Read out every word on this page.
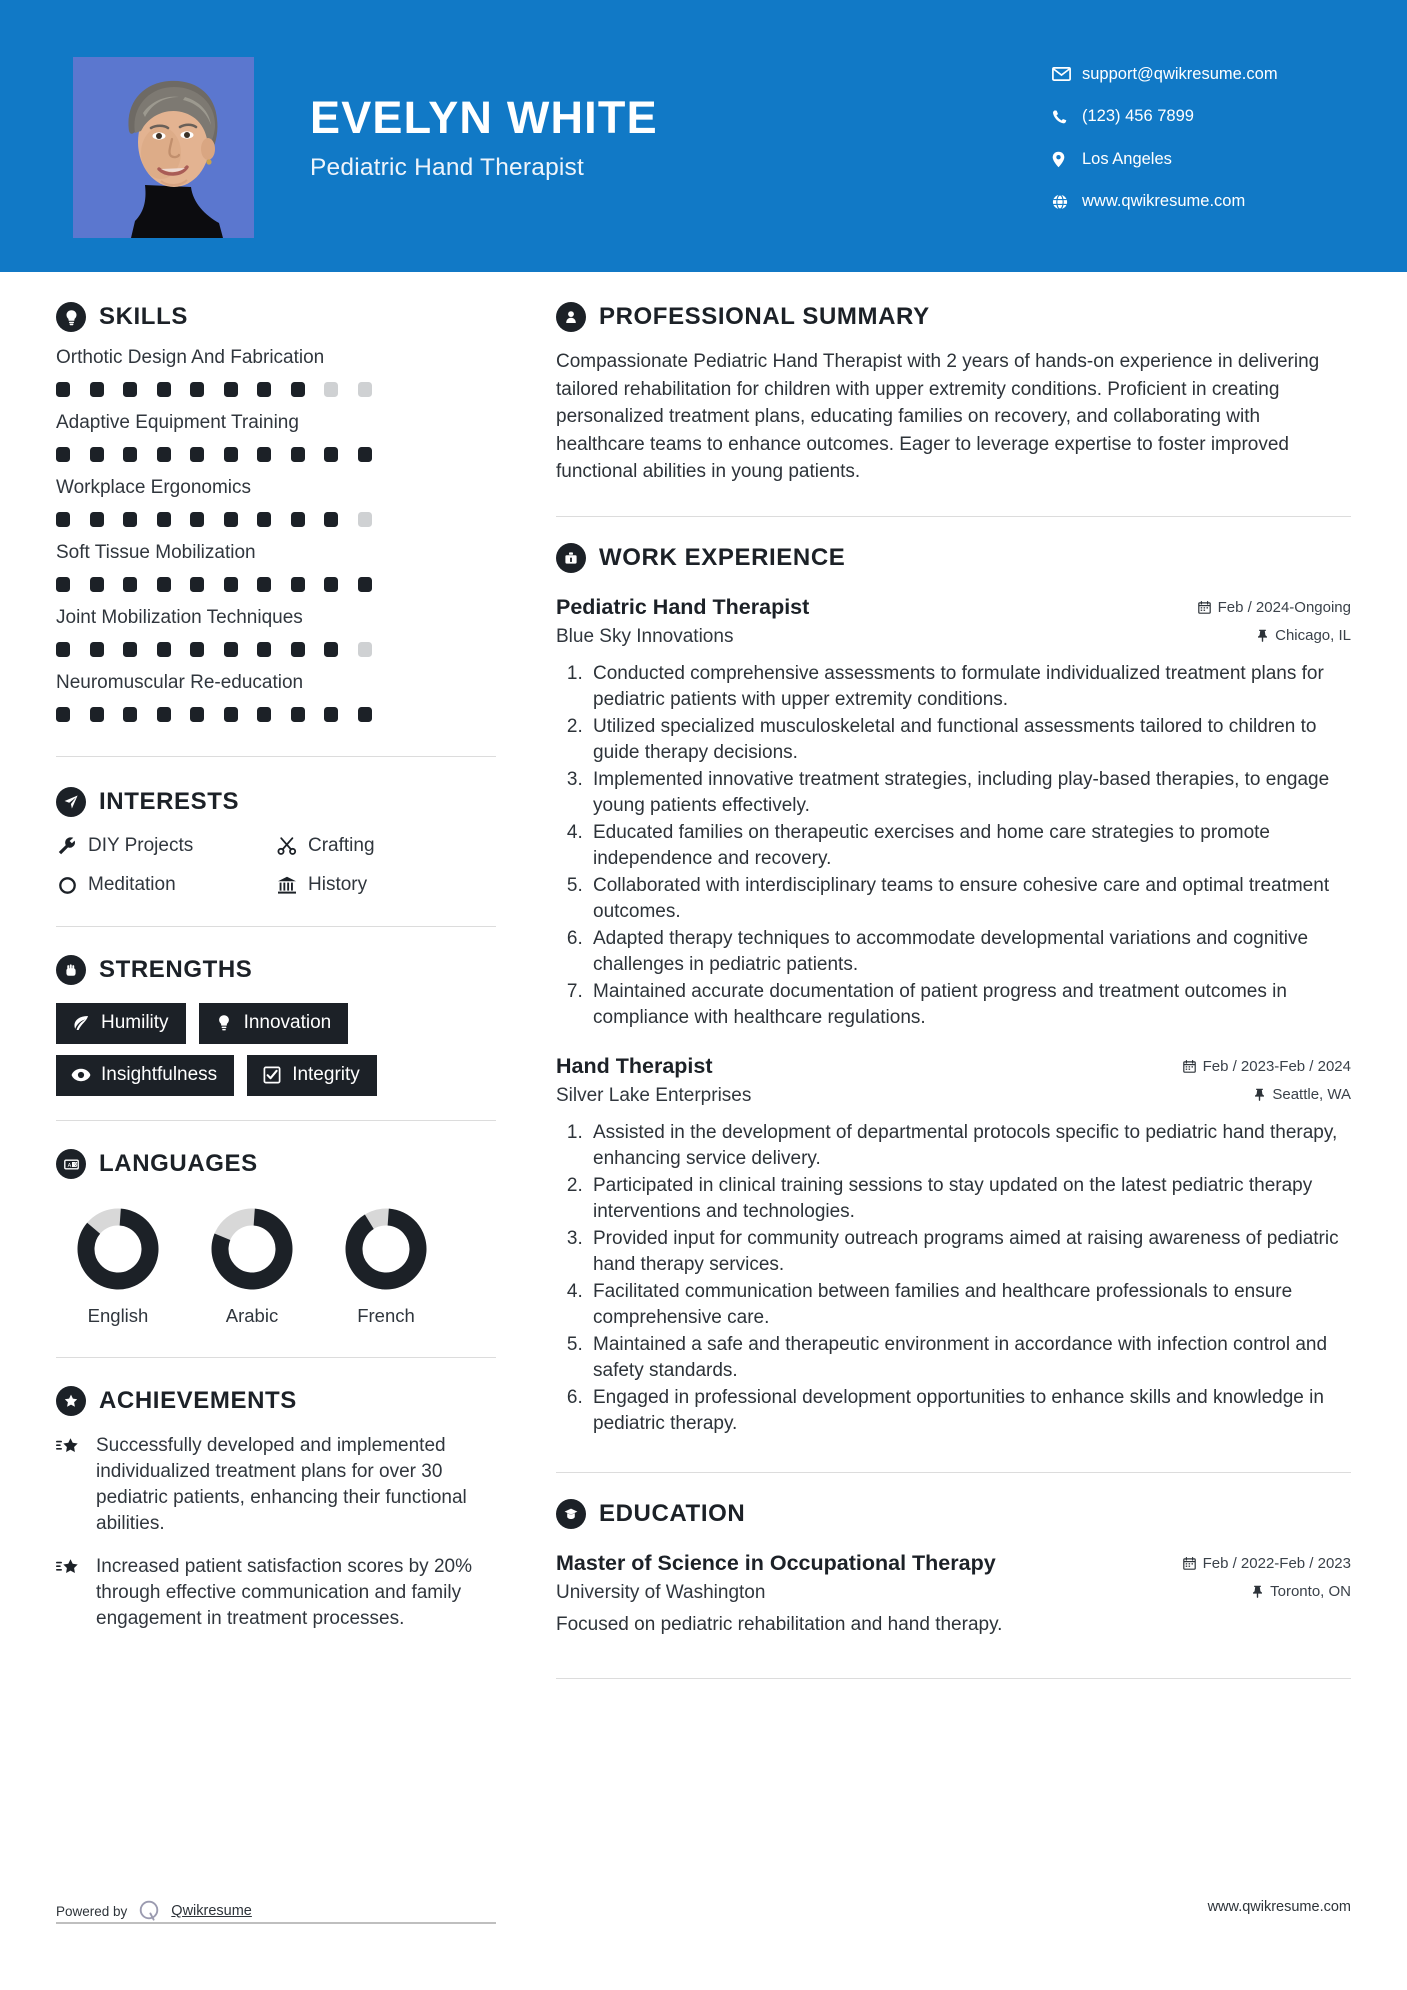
EVELYN WHITE
Pediatric Hand Therapist
support@qwikresume.com
(123) 456 7899
Los Angeles
www.qwikresume.com
SKILLS
Orthotic Design And Fabrication
Adaptive Equipment Training
Workplace Ergonomics
Soft Tissue Mobilization
Joint Mobilization Techniques
Neuromuscular Re-education
INTERESTS
DIY Projects	Crafting
Meditation	History
STRENGTHS
Humility	Innovation
Insightfulness	Integrity
A 文 LANGUAGES
English	Arabic	French
ACHIEVEMENTS
Successfully developed and implemented individualized treatment plans for over 30 pediatric patients, enhancing their functional abilities.
Increased patient satisfaction scores by 20% through effective communication and family engagement in treatment processes.
PROFESSIONAL SUMMARY

Compassionate Pediatric Hand Therapist with 2 years of hands-on experience in delivering tailored rehabilitation for children with upper extremity conditions. Proficient in creating personalized treatment plans, educating families on recovery, and collaborating with healthcare teams to enhance outcomes. Eager to leverage expertise to foster improved functional abilities in young patients.

WORK EXPERIENCE
Pediatric Hand Therapist	Feb / 2024-Ongoing
Blue Sky Innovations	Chicago, IL
1. Conducted comprehensive assessments to formulate individualized treatment plans for pediatric patients with upper extremity conditions.
2. Utilized specialized musculoskeletal and functional assessments tailored to children to guide therapy decisions.
3. Implemented innovative treatment strategies, including play-based therapies, to engage young patients effectively.
4. Educated families on therapeutic exercises and home care strategies to promote independence and recovery.
5. Collaborated with interdisciplinary teams to ensure cohesive care and optimal treatment outcomes.
6. Adapted therapy techniques to accommodate developmental variations and cognitive challenges in pediatric patients.
7. Maintained accurate documentation of patient progress and treatment outcomes in compliance with healthcare regulations.
Hand Therapist	Feb / 2023-Feb / 2024
Silver Lake Enterprises	Seattle, WA
1. Assisted in the development of departmental protocols specific to pediatric hand therapy, enhancing service delivery.
2. Participated in clinical training sessions to stay updated on the latest pediatric therapy interventions and technologies.
3. Provided input for community outreach programs aimed at raising awareness of pediatric hand therapy services.
4. Facilitated communication between families and healthcare professionals to ensure comprehensive care.
5. Maintained a safe and therapeutic environment in accordance with infection control and safety standards.
6. Engaged in professional development opportunities to enhance skills and knowledge in pediatric therapy.
EDUCATION
Master of Science in Occupational Therapy	Feb / 2022-Feb / 2023
University of Washington	Toronto, ON
Focused on pediatric rehabilitation and hand therapy.
Powered by	Qwikresume	www.qwikresume.com
